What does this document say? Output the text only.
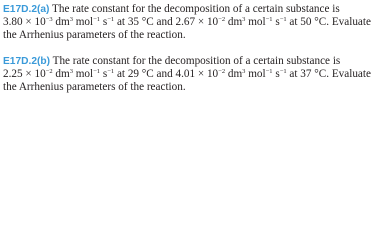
E17D.2(a) The rate constant for the decomposition of a certain substance is
$3.80 \times 10^{-3}$ $dm^3$ mol$^{-1}$ $s^{-1}$ at 35 °C and $2.67 \times 10^{-2}$ $dm^3$ mol$^{-1}$ $s^{-1}$ at 50 °C. Evaluate
the Arrhenius parameters of the reaction.
E17D.2(b) The rate constant for the decomposition of a certain substance is
$2.25 \times 10^{-2}$ $dm^3$ mol$^{-1}$ $s^{-1}$ at 29 °C and $4.01 \times 10^{-2}$ $dm^3$ mol$^{-1}$ $s^{-1}$ at 37 °C. Evaluate
the Arrhenius parameters of the reaction.
